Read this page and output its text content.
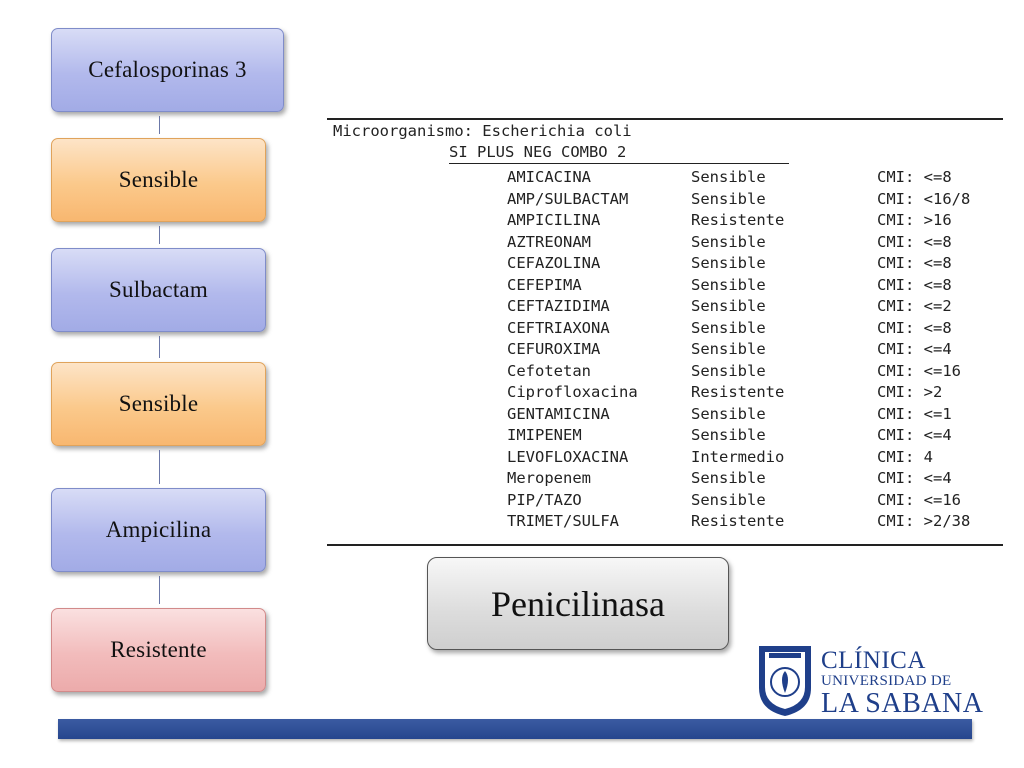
Cefalosporinas 3
Sensible
Sulbactam
Sensible
Ampicilina
Resistente
Microorganismo: Escherichia coli
SI PLUS NEG COMBO 2
AMICACINA	Sensible	CMI: <=8
AMP/SULBACTAM	Sensible	CMI: <16/8
AMPICILINA	Resistente	CMI: >16
AZTREONAM	Sensible	CMI: <=8
CEFAZOLINA	Sensible	CMI: <=8
CEFEPIMA	Sensible	CMI: <=8
CEFTAZIDIMA	Sensible	CMI: <=2
CEFTRIAXONA	Sensible	CMI: <=8
CEFUROXIMA	Sensible	CMI: <=4
Cefotetan	Sensible	CMI: <=16
Ciprofloxacina	Resistente	CMI: >2
GENTAMICINA	Sensible	CMI: <=1
IMIPENEM	Sensible	CMI: <=4
LEVOFLOXACINA	Intermedio	CMI: 4
Meropenem	Sensible	CMI: <=4
PIP/TAZO	Sensible	CMI: <=16
TRIMET/SULFA	Resistente	CMI: >2/38
Penicilinasa
CLÍNICA
UNIVERSIDAD DE
LA SABANA
